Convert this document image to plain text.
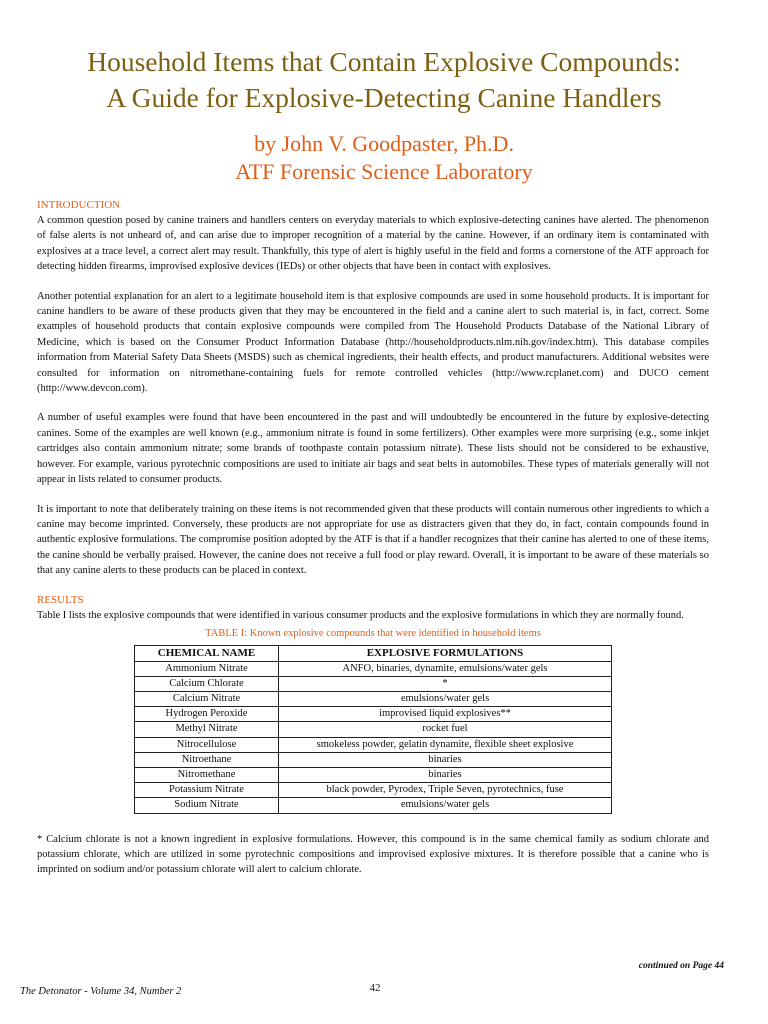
Household Items that Contain Explosive Compounds:
A Guide for Explosive-Detecting Canine Handlers
by John V. Goodpaster, Ph.D.
ATF Forensic Science Laboratory
INTRODUCTION

A common question posed by canine trainers and handlers centers on everyday materials to which explosive-detecting canines have alerted. The phenomenon of false alerts is not unheard of, and can arise due to improper recognition of a material by the canine. However, if an ordinary item is contaminated with explosives at a trace level, a correct alert may result. Thankfully, this type of alert is highly useful in the field and forms a cornerstone of the ATF approach for detecting hidden firearms, improvised explosive devices (IEDs) or other objects that have been in contact with explosives.

Another potential explanation for an alert to a legitimate household item is that explosive compounds are used in some household products. It is important for canine handlers to be aware of these products given that they may be encountered in the field and a canine alert to such material is, in fact, correct. Some examples of household products that contain explosive compounds were compiled from The Household Products Database of the National Library of Medicine, which is based on the Consumer Product Information Database (http://householdproducts.nlm.nih.gov/index.htm). This database compiles information from Material Safety Data Sheets (MSDS) such as chemical ingredients, their health effects, and product manufacturers. Additional websites were consulted for information on nitromethane-containing fuels for remote controlled vehicles (http://www.rcplanet.com) and DUCO cement (http://www.devcon.com).

A number of useful examples were found that have been encountered in the past and will undoubtedly be encountered in the future by explosive-detecting canines. Some of the examples are well known (e.g., ammonium nitrate is found in some fertilizers). Other examples were more surprising (e.g., some inkjet cartridges also contain ammonium nitrate; some brands of toothpaste contain potassium nitrate). These lists should not be considered to be exhaustive, however. For example, various pyrotechnic compositions are used to initiate air bags and seat belts in automobiles. These types of materials generally will not appear in lists related to consumer products.

It is important to note that deliberately training on these items is not recommended given that these products will contain numerous other ingredients to which a canine may become imprinted. Conversely, these products are not appropriate for use as distracters given that they do, in fact, contain compounds found in authentic explosive formulations. The compromise position adopted by the ATF is that if a handler recognizes that their canine has alerted to one of these items, the canine should be verbally praised. However, the canine does not receive a full food or play reward. Overall, it is important to be aware of these materials so that any canine alerts to these products can be placed in context.

RESULTS

Table I lists the explosive compounds that were identified in various consumer products and the explosive formulations in which they are normally found.

TABLE I: Known explosive compounds that were identified in household items
CHEMICAL NAME	EXPLOSIVE FORMULATIONS
Ammonium Nitrate	ANFO, binaries, dynamite, emulsions/water gels
Calcium Chlorate	*
Calcium Nitrate	emulsions/water gels
Hydrogen Peroxide	improvised liquid explosives**
Methyl Nitrate	rocket fuel
Nitrocellulose	smokeless powder, gelatin dynamite, flexible sheet explosive
Nitroethane	binaries
Nitromethane	binaries
Potassium Nitrate	black powder, Pyrodex, Triple Seven, pyrotechnics, fuse
Sodium Nitrate	emulsions/water gels

* Calcium chlorate is not a known ingredient in explosive formulations. However, this compound is in the same chemical family as sodium chlorate and potassium chlorate, which are utilized in some pyrotechnic compositions and improvised explosive mixtures. It is therefore possible that a canine who is imprinted on sodium and/or potassium chlorate will alert to calcium chlorate.

continued on Page 44
The Detonator - Volume 34, Number 2	42
